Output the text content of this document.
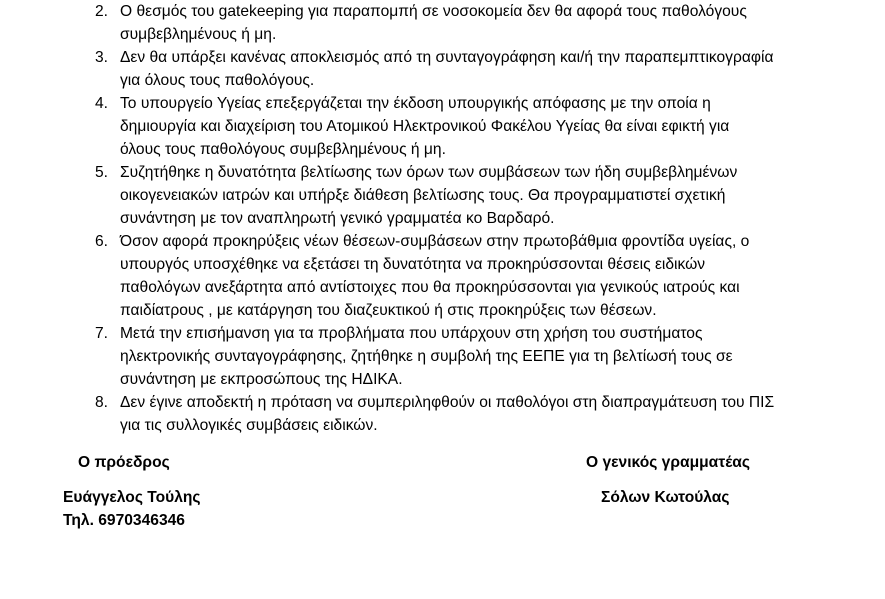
2. Ο θεσμός του gatekeeping για παραπομπή σε νοσοκομεία δεν θα αφορά τους παθολόγους
συμβεβλημένους ή μη.
3. Δεν θα υπάρξει κανένας αποκλεισμός από τη συνταγογράφηση και/ή την παραπεμπτικογραφία
για όλους τους παθολόγους.
4. Το υπουργείο Υγείας επεξεργάζεται την έκδοση υπουργικής απόφασης με την οποία η
δημιουργία και διαχείριση του Ατομικού Ηλεκτρονικού Φακέλου Υγείας θα είναι εφικτή για
όλους τους παθολόγους συμβεβλημένους ή μη.
5. Συζητήθηκε η δυνατότητα βελτίωσης των όρων των συμβάσεων των ήδη συμβεβλημένων
οικογενειακών ιατρών και υπήρξε διάθεση βελτίωσης τους. Θα προγραμματιστεί σχετική
συνάντηση με τον αναπληρωτή γενικό γραμματέα κο Βαρδαρό.
6. Όσον αφορά προκηρύξεις νέων θέσεων-συμβάσεων στην πρωτοβάθμια φροντίδα υγείας, ο
υπουργός υποσχέθηκε να εξετάσει τη δυνατότητα να προκηρύσσονται θέσεις ειδικών
παθολόγων ανεξάρτητα από αντίστοιχες που θα προκηρύσσονται για γενικούς ιατρούς και
παιδίατρους , με κατάργηση του διαζευκτικού ή στις προκηρύξεις των θέσεων.
7. Μετά την επισήμανση για τα προβλήματα που υπάρχουν στη χρήση του συστήματος
ηλεκτρονικής συνταγογράφησης, ζητήθηκε η συμβολή της ΕΕΠΕ για τη βελτίωσή τους σε
συνάντηση με εκπροσώπους της ΗΔΙΚΑ.
8. Δεν έγινε αποδεκτή η πρόταση να συμπεριληφθούν οι παθολόγοι στη διαπραγμάτευση του ΠΙΣ
για τις συλλογικές συμβάσεις ειδικών.
Ο πρόεδρος	Ο γενικός γραμματέας
Ευάγγελος Τούλης	Σόλων Κωτούλας
Τηλ. 6970346346
